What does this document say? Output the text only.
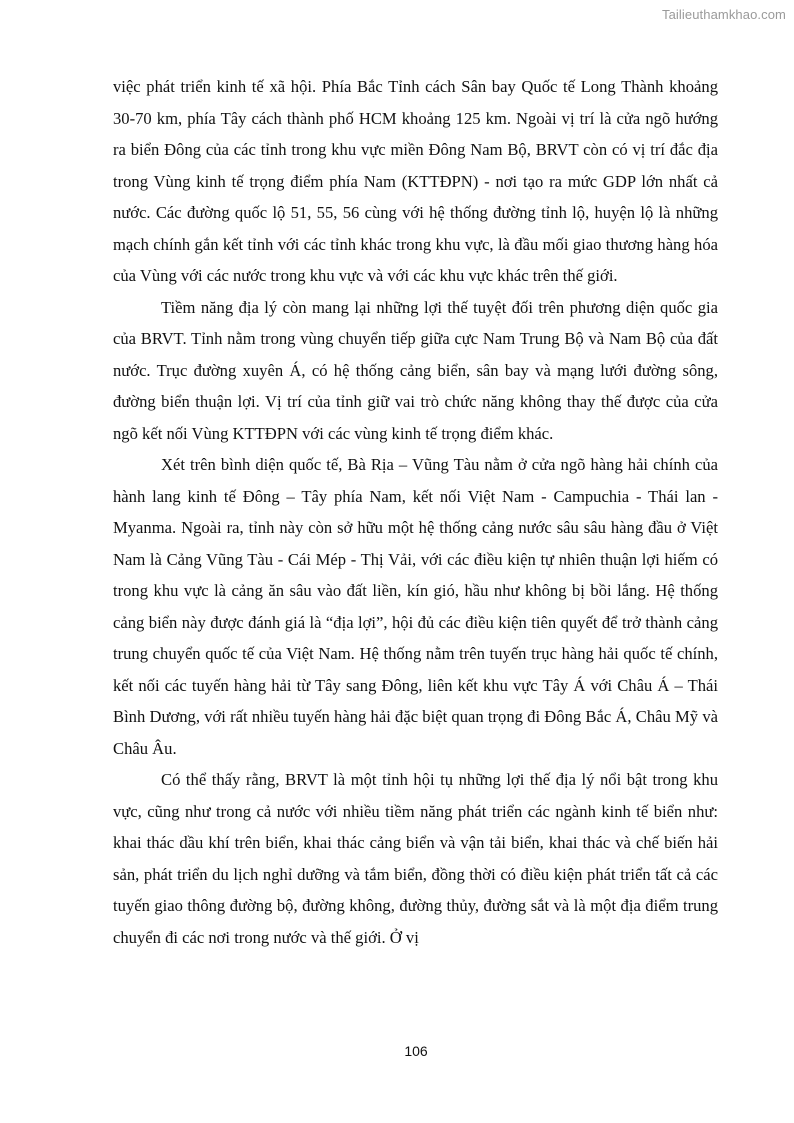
Tailieuthamkhao.com

việc phát triển kinh tế xã hội. Phía Bắc Tỉnh cách Sân bay Quốc tế Long Thành khoảng 30-70 km, phía Tây cách thành phố HCM khoảng 125 km. Ngoài vị trí là cửa ngõ hướng ra biển Đông của các tỉnh trong khu vực miền Đông Nam Bộ, BRVT còn có vị trí đắc địa trong Vùng kinh tế trọng điểm phía Nam (KTTĐPN) - nơi tạo ra mức GDP lớn nhất cả nước. Các đường quốc lộ 51, 55, 56 cùng với hệ thống đường tỉnh lộ, huyện lộ là những mạch chính gắn kết tỉnh với các tỉnh khác trong khu vực, là đầu mối giao thương hàng hóa của Vùng với các nước trong khu vực và với các khu vực khác trên thế giới.

Tiềm năng địa lý còn mang lại những lợi thế tuyệt đối trên phương diện quốc gia của BRVT. Tỉnh nằm trong vùng chuyển tiếp giữa cực Nam Trung Bộ và Nam Bộ của đất nước. Trục đường xuyên Á, có hệ thống cảng biển, sân bay và mạng lưới đường sông, đường biển thuận lợi. Vị trí của tỉnh giữ vai trò chức năng không thay thế được của cửa ngõ kết nối Vùng KTTĐPN với các vùng kinh tế trọng điểm khác.

Xét trên bình diện quốc tế, Bà Rịa – Vũng Tàu nằm ở cửa ngõ hàng hải chính của hành lang kinh tế Đông – Tây phía Nam, kết nối Việt Nam - Campuchia - Thái lan - Myanma. Ngoài ra, tỉnh này còn sở hữu một hệ thống cảng nước sâu sâu hàng đầu ở Việt Nam là Cảng Vũng Tàu - Cái Mép - Thị Vải, với các điều kiện tự nhiên thuận lợi hiếm có trong khu vực là cảng ăn sâu vào đất liền, kín gió, hầu như không bị bồi lắng. Hệ thống cảng biển này được đánh giá là “địa lợi”, hội đủ các điều kiện tiên quyết để trở thành cảng trung chuyển quốc tế của Việt Nam. Hệ thống nằm trên tuyến trục hàng hải quốc tế chính, kết nối các tuyến hàng hải từ Tây sang Đông, liên kết khu vực Tây Á với Châu Á – Thái Bình Dương, với rất nhiều tuyến hàng hải đặc biệt quan trọng đi Đông Bắc Á, Châu Mỹ và Châu Âu.

Có thể thấy rằng, BRVT là một tỉnh hội tụ những lợi thế địa lý nổi bật trong khu vực, cũng như trong cả nước với nhiều tiềm năng phát triển các ngành kinh tế biển như: khai thác dầu khí trên biển, khai thác cảng biển và vận tải biển, khai thác và chế biến hải sản, phát triển du lịch nghỉ dưỡng và tắm biển, đồng thời có điều kiện phát triển tất cả các tuyến giao thông đường bộ, đường không, đường thủy, đường sắt và là một địa điểm trung chuyển đi các nơi trong nước và thế giới. Ở vị

106
